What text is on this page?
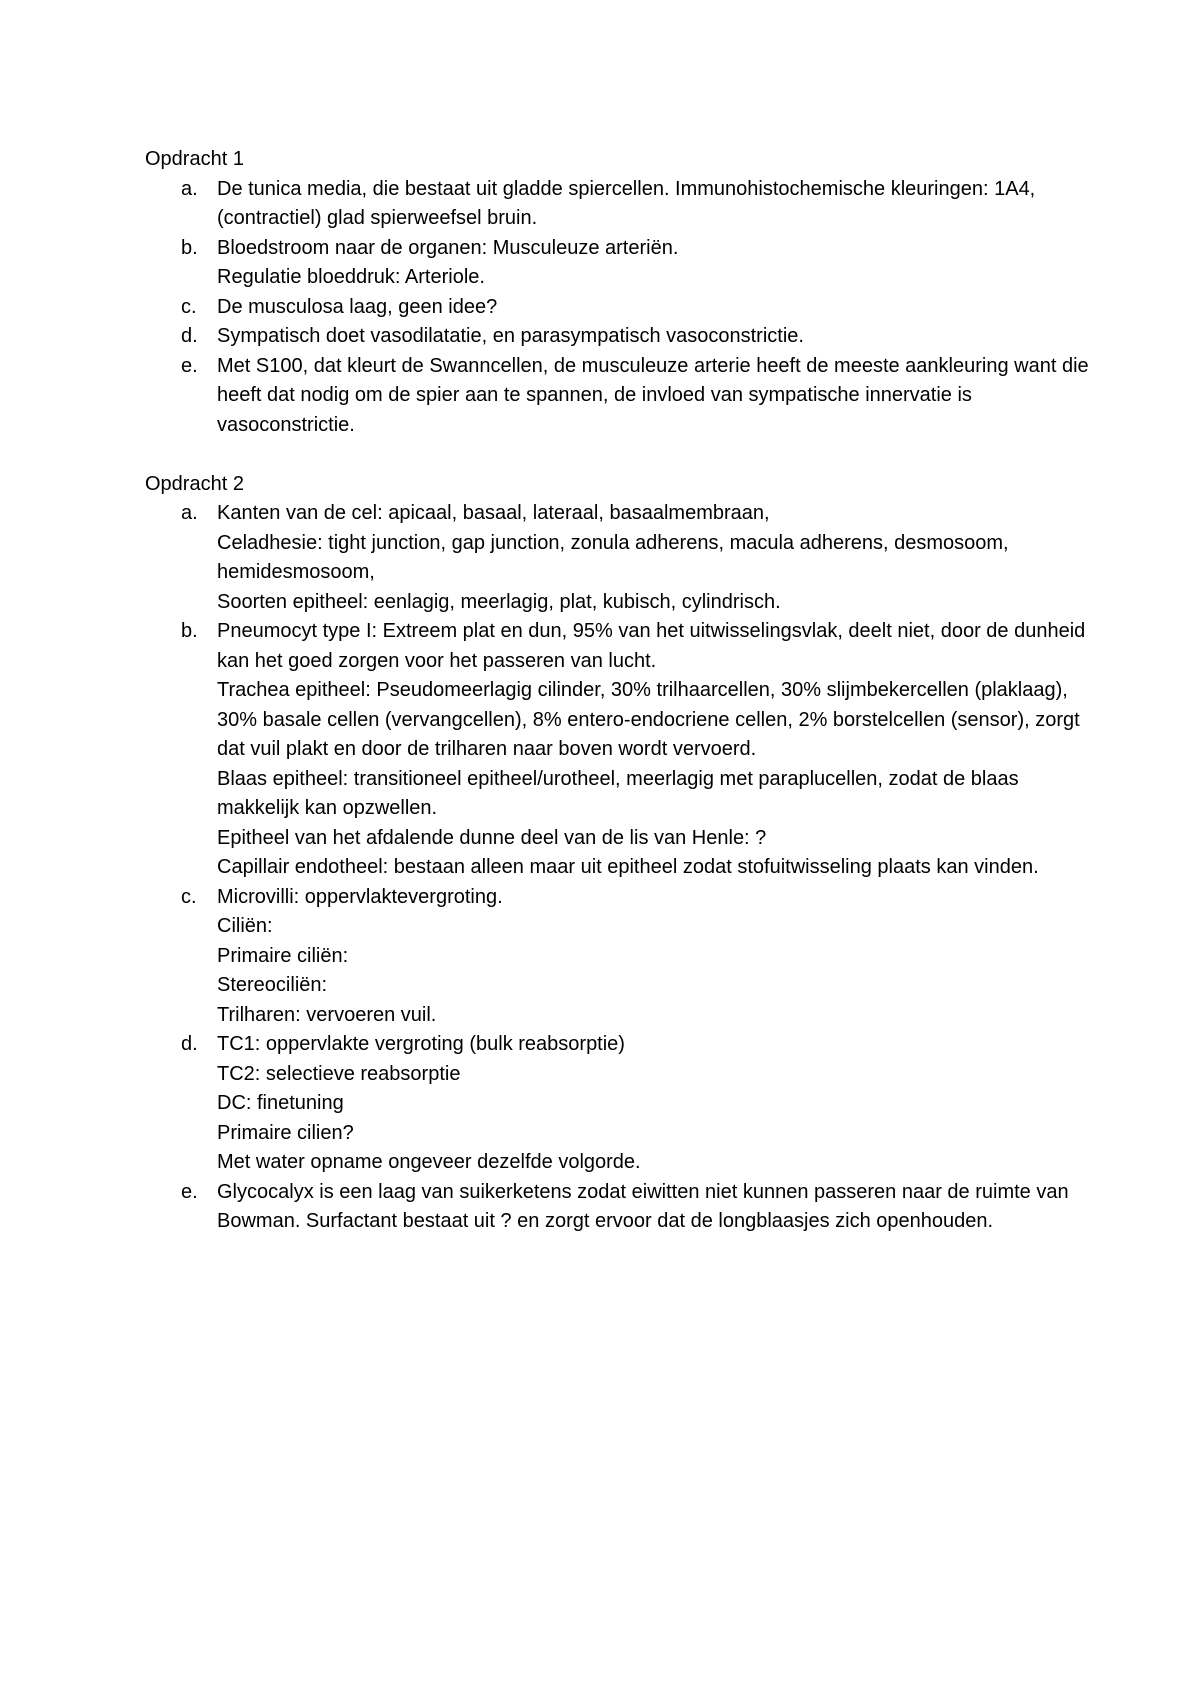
Opdracht 1

a. De tunica media, die bestaat uit gladde spiercellen. Immunohistochemische kleuringen: 1A4, (contractiel) glad spierweefsel bruin.
b. Bloedstroom naar de organen: Musculeuze arteriën.
Regulatie bloeddruk: Arteriole.
c.	De musculosa laag, geen idee?
d. Sympatisch doet vasodilatatie, en parasympatisch vasoconstrictie.
e. Met S100, dat kleurt de Swanncellen, de musculeuze arterie heeft de meeste aankleuring want die heeft dat nodig om de spier aan te spannen, de invloed van sympatische innervatie is vasoconstrictie.

Opdracht 2

a. Kanten van de cel: apicaal, basaal, lateraal, basaalmembraan,
Celadhesie: tight junction, gap junction, zonula adherens, macula adherens, desmosoom, hemidesmosoom,
Soorten epitheel: eenlagig, meerlagig, plat, kubisch, cylindrisch.
b. Pneumocyt type I: Extreem plat en dun, 95% van het uitwisselingsvlak, deelt niet, door de dunheid kan het goed zorgen voor het passeren van lucht.
Trachea epitheel: Pseudomeerlagig cilinder, 30% trilhaarcellen, 30% slijmbekercellen (plaklaag), 30% basale cellen (vervangcellen), 8% entero-endocriene cellen, 2% borstelcellen (sensor), zorgt dat vuil plakt en door de trilharen naar boven wordt vervoerd.
Blaas epitheel: transitioneel epitheel/urotheel, meerlagig met paraplucellen, zodat de blaas makkelijk kan opzwellen.
Epitheel van het afdalende dunne deel van de lis van Henle: ?
Capillair endotheel: bestaan alleen maar uit epitheel zodat stofuitwisseling plaats kan vinden.
c.	Microvilli: oppervlaktevergroting.
Ciliën:
Primaire ciliën:
Stereociliën:
Trilharen: vervoeren vuil.
d. TC1: oppervlakte vergroting (bulk reabsorptie)
TC2: selectieve reabsorptie
DC: finetuning
Primaire cilien?
Met water opname ongeveer dezelfde volgorde.
e. Glycocalyx is een laag van suikerketens zodat eiwitten niet kunnen passeren naar de ruimte van Bowman. Surfactant bestaat uit ? en zorgt ervoor dat de longblaasjes zich openhouden.
